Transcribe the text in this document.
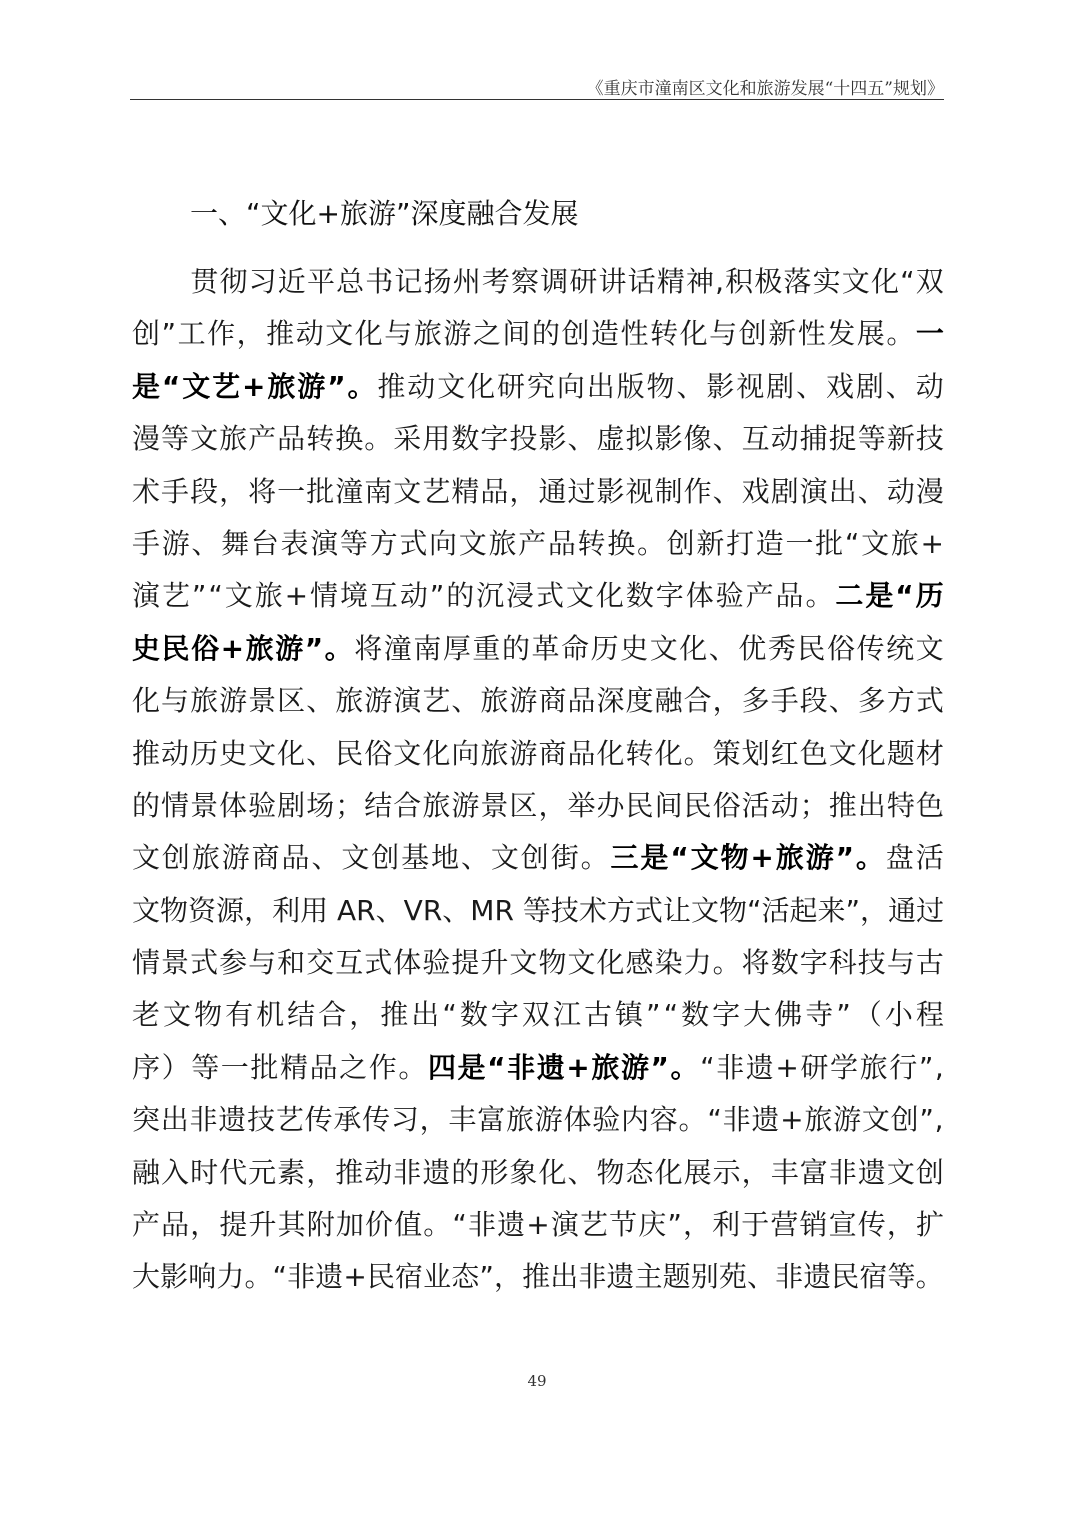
《重庆市潼南区文化和旅游发展“十四五”规划》
一、“文化+旅游”深度融合发展

贯 彻 习 近 平 总 书 记 扬 州 考 察 调 研 讲 话 精 神 , 积 极 落 实 文 化 “ 双
创 ” 工 作 ， 推 动 文 化 与 旅 游 之 间 的 创 造 性 转 化 与 创 新 性 发 展 。 一
是 “ 文 艺 + 旅 游 ” 。 推 动 文 化 研 究 向 出 版 物 、 影 视 剧 、 戏 剧 、 动
漫 等 文 旅 产 品 转 换 。 采 用 数 字 投 影 、 虚 拟 影 像 、 互 动 捕 捉 等 新 技
术 手 段 ， 将 一 批 潼 南 文 艺 精 品 ， 通 过 影 视 制 作 、 戏 剧 演 出 、 动 漫
手 游 、 舞 台 表 演 等 方 式 向 文 旅 产 品 转 换 。 创 新 打 造 一 批 “ 文 旅 +
演 艺 ” “ 文 旅 + 情 境 互 动 ” 的 沉 浸 式 文 化 数 字 体 验 产 品 。 二 是 “ 历
史 民 俗 + 旅 游 ” 。 将 潼 南 厚 重 的 革 命 历 史 文 化 、 优 秀 民 俗 传 统 文
化 与 旅 游 景 区 、 旅 游 演 艺 、 旅 游 商 品 深 度 融 合 ， 多 手 段 、 多 方 式
推 动 历 史 文 化 、 民 俗 文 化 向 旅 游 商 品 化 转 化 。 策 划 红 色 文 化 题 材
的 情 景 体 验 剧 场 ； 结 合 旅 游 景 区 ， 举 办 民 间 民 俗 活 动 ； 推 出 特 色
文 创 旅 游 商 品 、 文 创 基 地 、 文 创 街 。 三 是 “ 文 物 + 旅 游 ” 。 盘 活
文 物 资 源 ， 利 用
A R 、 V R 、 M R
等 技 术 方 式 让 文 物 “ 活 起 来 ” ， 通 过
情 景 式 参 与 和 交 互 式 体 验 提 升 文 物 文 化 感 染 力 。 将 数 字 科 技 与 古
老 文 物 有 机 结 合 ， 推 出 “ 数 字 双 江 古 镇 ” “ 数 字 大 佛 寺 ” （ 小 程
序 ） 等 一 批 精 品 之 作 。 四 是 “ 非 遗 + 旅 游 ” 。 “ 非 遗 + 研 学 旅 行 ” ,
突 出 非 遗 技 艺 传 承 传 习 ， 丰 富 旅 游 体 验 内 容 。 “ 非 遗 + 旅 游 文 创 ” ,
融 入 时 代 元 素 ， 推 动 非 遗 的 形 象 化 、 物 态 化 展 示 ， 丰 富 非 遗 文 创
产 品 ， 提 升 其 附 加 价 值 。 “ 非 遗 + 演 艺 节 庆 ” ， 利 于 营 销 宣 传 ， 扩
大 影 响 力 。 “ 非 遗 + 民 宿 业 态 ” ， 推 出 非 遗 主 题 别 苑 、 非 遗 民 宿 等 。
49
